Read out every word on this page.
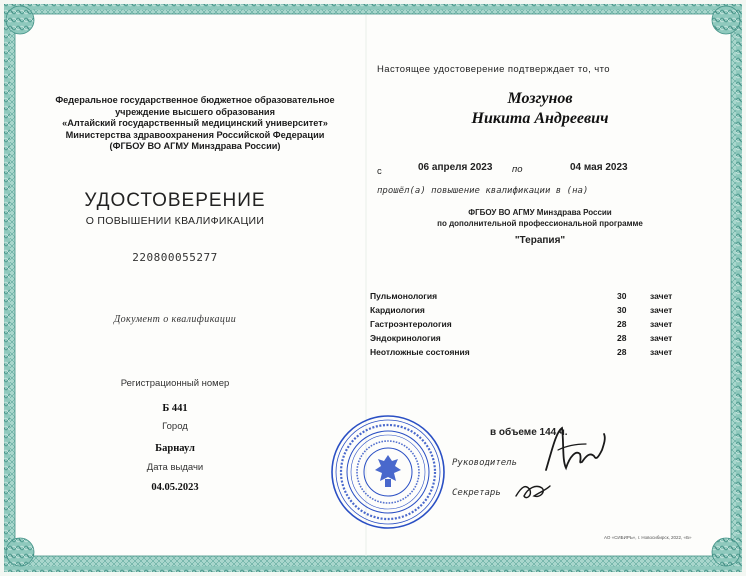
Федеральное государственное бюджетное образовательное
учреждение высшего образования
«Алтайский государственный медицинский университет»
Министерства здравоохранения Российской Федерации
(ФГБОУ ВО АГМУ Минздрава России)
УДОСТОВЕРЕНИЕ
О ПОВЫШЕНИИ КВАЛИФИКАЦИИ
220800055277
Документ о квалификации
Регистрационный номер
Б 441
Город
Барнаул
Дата выдачи
04.05.2023
Настоящее удостоверение подтверждает то, что
Мозгунов
Никита Андреевич
с	06 апреля 2023 по	04 мая 2023
прошёл(а) повышение квалификации в (на)
ФГБОУ ВО АГМУ Минздрава России
по дополнительной профессиональной программе
"Терапия"
Пульмонология	30	зачет
Кардиология	30	зачет
Гастроэнтерология	28	зачет
Эндокринология	28	зачет
Неотложные состояния	28	зачет
в объеме 144 ч.
Руководитель
Секретарь
АО «СИБИРЬ», г. Новосибирск, 2022, «Б»
